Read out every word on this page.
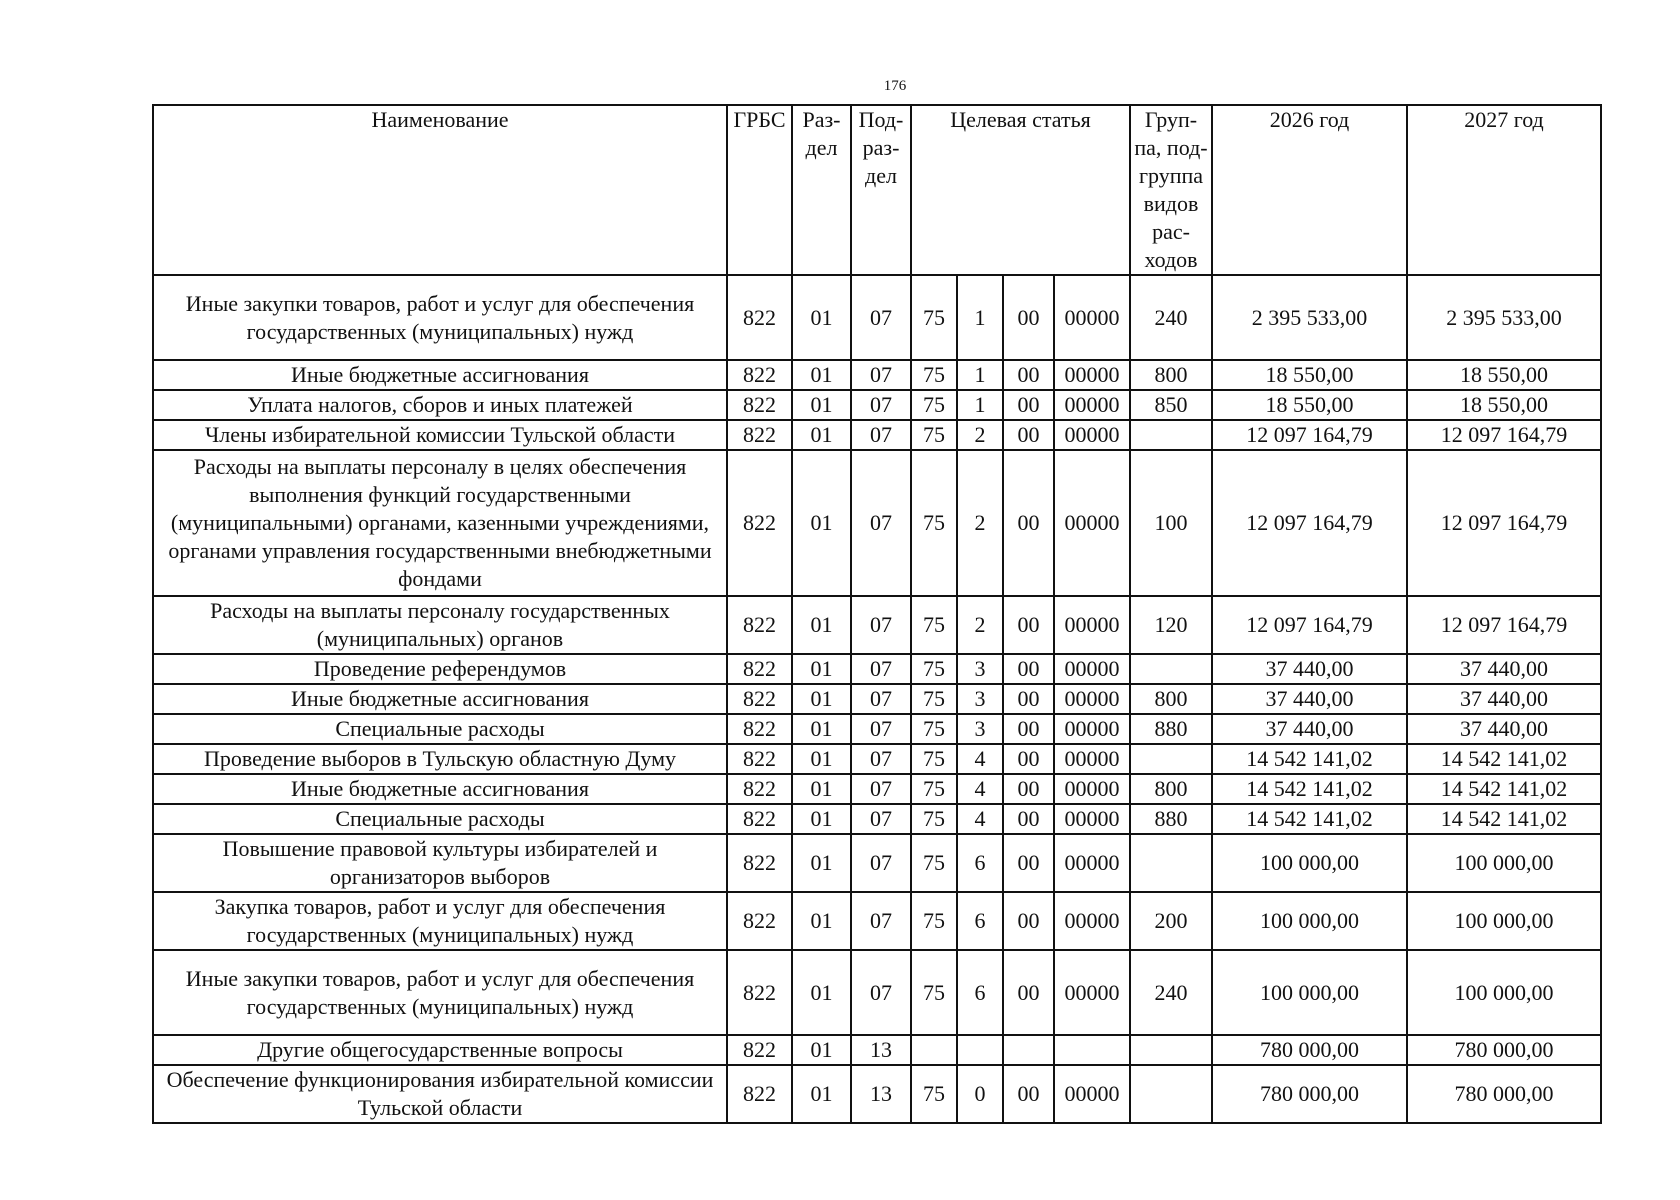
176
Наименование	ГРБС	Раз-дел	Под-раз-дел	Целевая статья				Груп-па, под-группа видов рас-ходов	2026 год	2027 год
Иные закупки товаров, работ и услуг для обеспечения государственных (муниципальных) нужд	822	01	07	75	1	00	00000	240	2 395 533,00	2 395 533,00
Иные бюджетные ассигнования	822	01	07	75	1	00	00000	800	18 550,00	18 550,00
Уплата налогов, сборов и иных платежей	822	01	07	75	1	00	00000	850	18 550,00	18 550,00
Члены избирательной комиссии Тульской области	822	01	07	75	2	00	00000		12 097 164,79	12 097 164,79
Расходы на выплаты персоналу в целях обеспечения выполнения функций государственными (муниципальными) органами, казенными учреждениями, органами управления государственными внебюджетными фондами	822	01	07	75	2	00	00000	100	12 097 164,79	12 097 164,79
Расходы на выплаты персоналу государственных (муниципальных) органов	822	01	07	75	2	00	00000	120	12 097 164,79	12 097 164,79
Проведение референдумов	822	01	07	75	3	00	00000		37 440,00	37 440,00
Иные бюджетные ассигнования	822	01	07	75	3	00	00000	800	37 440,00	37 440,00
Специальные расходы	822	01	07	75	3	00	00000	880	37 440,00	37 440,00
Проведение выборов в Тульскую областную Думу	822	01	07	75	4	00	00000		14 542 141,02	14 542 141,02
Иные бюджетные ассигнования	822	01	07	75	4	00	00000	800	14 542 141,02	14 542 141,02
Специальные расходы	822	01	07	75	4	00	00000	880	14 542 141,02	14 542 141,02
Повышение правовой культуры избирателей и организаторов выборов	822	01	07	75	6	00	00000		100 000,00	100 000,00
Закупка товаров, работ и услуг для обеспечения государственных (муниципальных) нужд	822	01	07	75	6	00	00000	200	100 000,00	100 000,00
Иные закупки товаров, работ и услуг для обеспечения государственных (муниципальных) нужд	822	01	07	75	6	00	00000	240	100 000,00	100 000,00
Другие общегосударственные вопросы	822	01	13						780 000,00	780 000,00
Обеспечение функционирования избирательной комиссии Тульской области	822	01	13	75	0	00	00000		780 000,00	780 000,00
